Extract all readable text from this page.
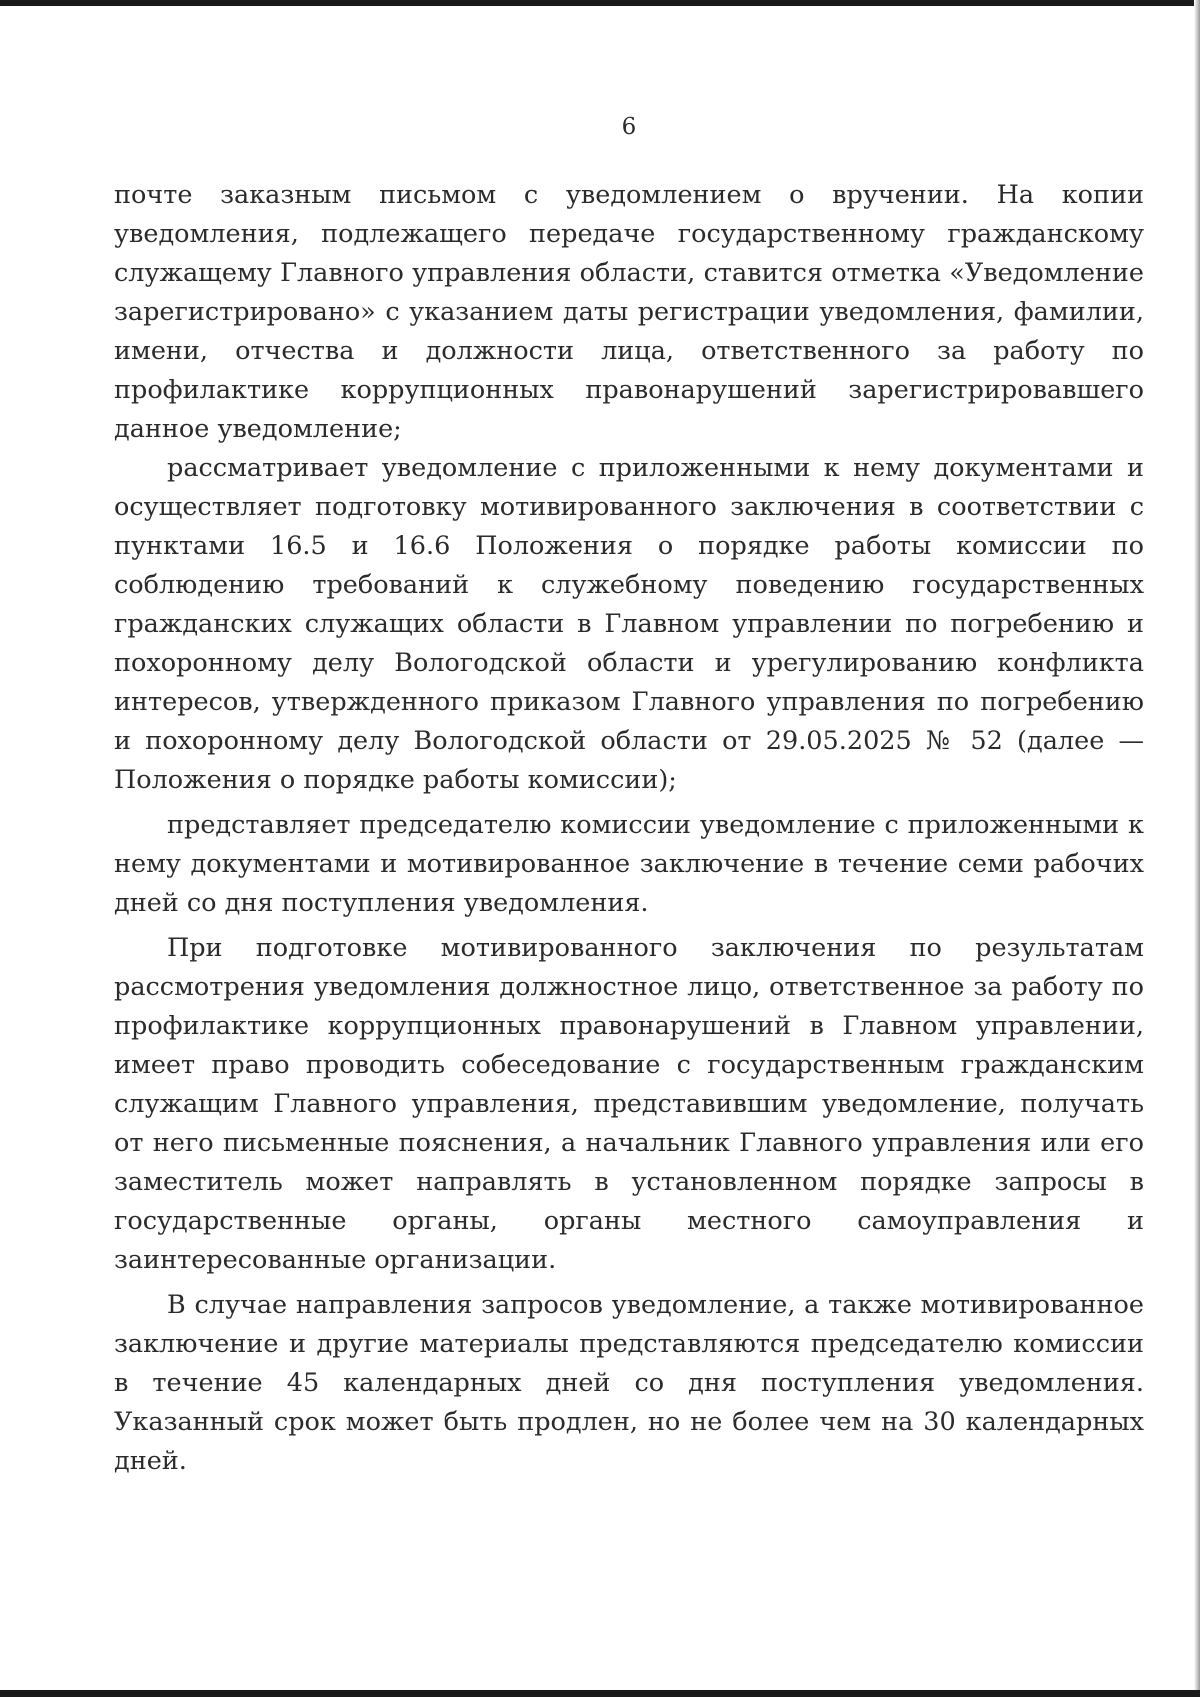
6

почте заказным письмом с уведомлением о вручении. На копии уведомления, подлежащего передаче государственному гражданскому служащему Главного управления области, ставится отметка «Уведомление зарегистрировано» с указанием даты регистрации уведомления, фамилии, имени, отчества и должности лица, ответственного за работу по профилактике коррупционных правонарушений зарегистрировавшего данное уведомление;

рассматривает уведомление с приложенными к нему документами и осуществляет подготовку мотивированного заключения в соответствии с пунктами 16.5 и 16.6 Положения о порядке работы комиссии по соблюдению требований к служебному поведению государственных гражданских служащих области в Главном управлении по погребению и похоронному делу Вологодской области и урегулированию конфликта интересов, утвержденного приказом Главного управления по погребению и похоронному делу Вологодской области от 29.05.2025 № 52 (далее — Положения о порядке работы комиссии);

представляет председателю комиссии уведомление с приложенными к нему документами и мотивированное заключение в течение семи рабочих дней со дня поступления уведомления.

При подготовке мотивированного заключения по результатам рассмотрения уведомления должностное лицо, ответственное за работу по профилактике коррупционных правонарушений в Главном управлении, имеет право проводить собеседование с государственным гражданским служащим Главного управления, представившим уведомление, получать от него письменные пояснения, а начальник Главного управления или его заместитель может направлять в установленном порядке запросы в государственные органы, органы местного самоуправления и заинтересованные организации.

В случае направления запросов уведомление, а также мотивированное заключение и другие материалы представляются председателю комиссии в течение 45 календарных дней со дня поступления уведомления. Указанный срок может быть продлен, но не более чем на 30 календарных дней.
